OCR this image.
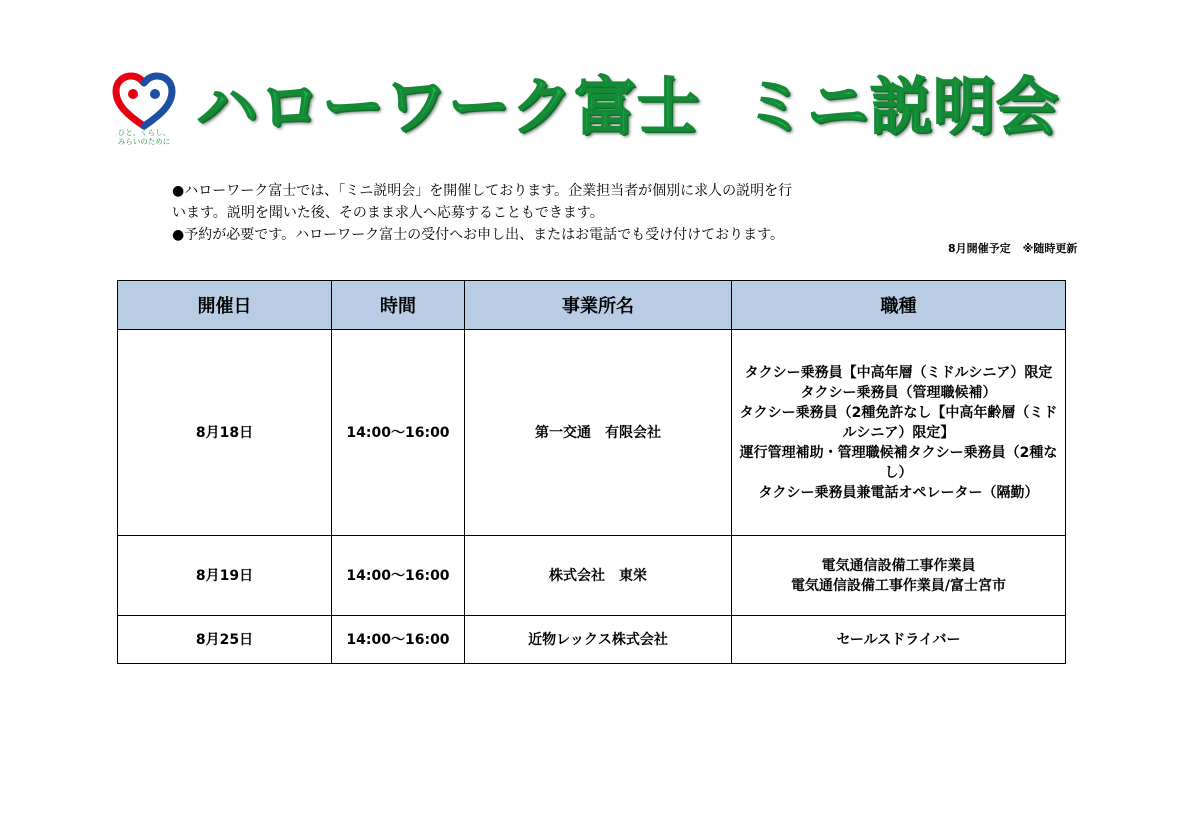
ひと、くらし、
みらいのために ハローワーク富士 ミニ説明会

●ハローワーク富士では、「ミニ説明会」を開催しております。企業担当者が個別に求人の説明を行

います。説明を聞いた後、そのまま求人へ応募することもできます。

●予約が必要です。ハローワーク富士の受付へお申し出、またはお電話でも受け付けております。

8月開催予定 ※随時更新
開催日	時間	事業所名	職種
8月18日	14:00～16:00	第一交通　有限会社	タクシー乗務員【中高年層（ミドルシニア）限定
タクシー乗務員（管理職候補）
タクシー乗務員（2種免許なし【中高年齢層（ミドルシニア）限定】
運行管理補助・管理職候補タクシー乗務員（2種なし）
タクシー乗務員兼電話オペレーター（隔勤）

8月19日	14:00～16:00	株式会社　東栄	電気通信設備工事作業員
電気通信設備工事作業員/富士宮市

8月25日	14:00～16:00	近物レックス株式会社	セールスドライバー
